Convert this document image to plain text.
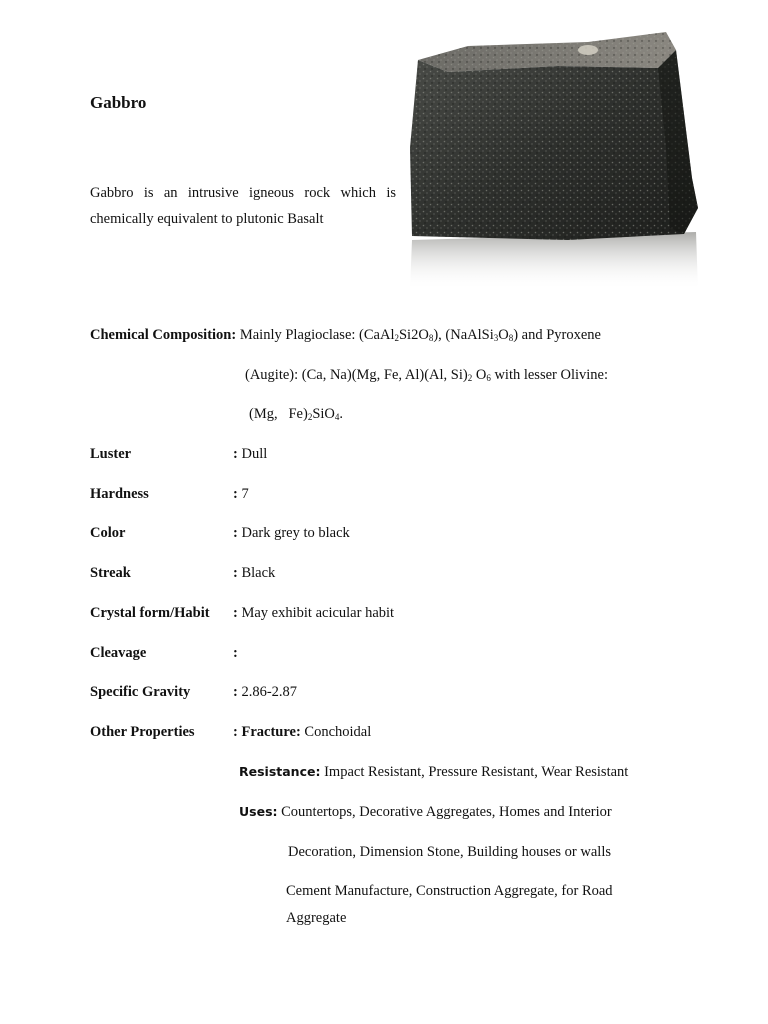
Gabbro
Gabbro is an intrusive igneous rock which is chemically equivalent to plutonic Basalt
Chemical Composition: Mainly Plagioclase: $(CaAl_2Si2O_8)$, $(NaAlSi_3O_8)$ and Pyroxene
(Augite): (Ca, Na)(Mg, Fe, Al)(Al, $Si)_2$ $O_6$ with lesser Olivine:
(Mg,   $Fe)_2SiO_4$.
Luster	: Dull
Hardness	: 7
Color	: Dark grey to black
Streak	: Black
Crystal form/Habit : May exhibit acicular habit
Cleavage	:
Specific Gravity	: 2.86-2.87
Other Properties	: Fracture: Conchoidal
Resistance: Impact Resistant, Pressure Resistant, Wear Resistant
Uses: Countertops, Decorative Aggregates, Homes and Interior
Decoration, Dimension Stone, Building houses or walls
Cement Manufacture, Construction Aggregate, for Road
Aggregate
